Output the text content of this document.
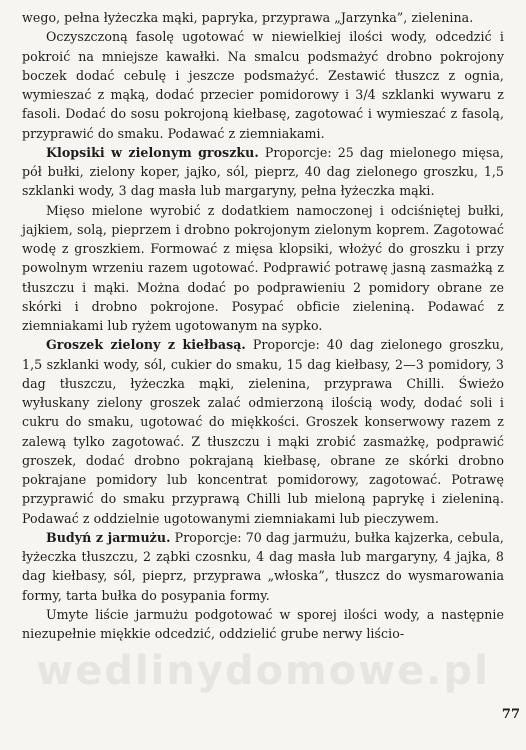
wego, pełna łyżeczka mąki, papryka, przyprawa „Jarzynka”, zielenina.

Oczyszczoną fasolę ugotować w niewielkiej ilości wody, odcedzić i pokroić na mniejsze kawałki. Na smalcu podsmażyć drobno pokrojony boczek dodać cebulę i jeszcze podsmażyć. Zestawić tłuszcz z ognia, wymieszać z mąką, dodać przecier pomidorowy i 3/4 szklanki wywaru z fasoli. Dodać do sosu pokrojoną kiełbasę, zagotować i wymieszać z fasolą, przyprawić do smaku. Podawać z ziemniakami.

Klopsiki w zielonym groszku. Proporcje: 25 dag mielonego mięsa, pół bułki, zielony koper, jajko, sól, pieprz, 40 dag zielonego groszku, 1,5 szklanki wody, 3 dag masła lub margaryny, pełna łyżeczka mąki.

Mięso mielone wyrobić z dodatkiem namoczonej i odciśniętej bułki, jajkiem, solą, pieprzem i drobno pokrojonym zielonym koprem. Zagotować wodę z groszkiem. Formować z mięsa klopsiki, włożyć do groszku i przy powolnym wrzeniu razem ugotować. Podprawić potrawę jasną zasmażką z tłuszczu i mąki. Można dodać po podprawieniu 2 pomidory obrane ze skórki i drobno pokrojone. Posypać obficie zieleniną. Podawać z ziemniakami lub ryżem ugotowanym na sypko.

Groszek zielony z kiełbasą. Proporcje: 40 dag zielonego groszku, 1,5 szklanki wody, sól, cukier do smaku, 15 dag kiełbasy, 2—3 pomidory, 3 dag tłuszczu, łyżeczka mąki, zielenina, przyprawa Chilli. Świeżo wyłuskany zielony groszek zalać odmierzoną ilością wody, dodać soli i cukru do smaku, ugotować do miękkości. Groszek konserwowy razem z zalewą tylko zagotować. Z tłuszczu i mąki zrobić zasmażkę, podprawić groszek, dodać drobno pokrajaną kiełbasę, obrane ze skórki drobno pokrajane pomidory lub koncentrat pomidorowy, zagotować. Potrawę przyprawić do smaku przyprawą Chilli lub mieloną paprykę i zieleniną. Podawać z oddzielnie ugotowanymi ziemniakami lub pieczywem.

Budyń z jarmużu. Proporcje: 70 dag jarmużu, bułka kajzerka, cebula, łyżeczka tłuszczu, 2 ząbki czosnku, 4 dag masła lub margaryny, 4 jajka, 8 dag kiełbasy, sól, pieprz, przyprawa „włoska”, tłuszcz do wysmarowania formy, tarta bułka do posypania formy.

Umyte liście jarmużu podgotować w sporej ilości wody, a następnie niezupełnie miękkie odcedzić, oddzielić grube nerwy liścio-

wedlinydomowe.pl
77
